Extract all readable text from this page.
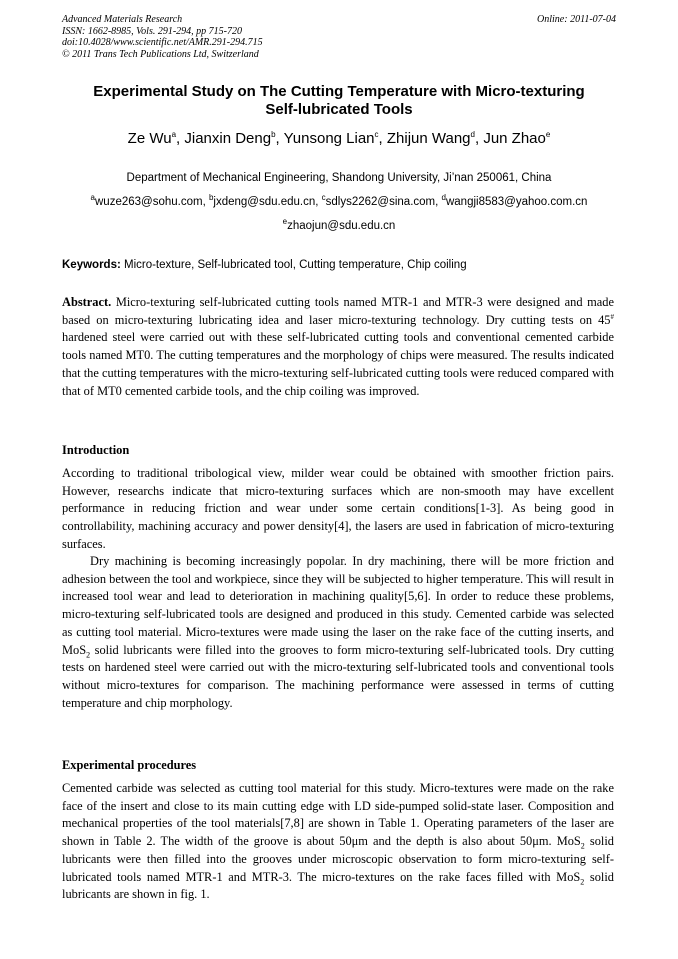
Advanced Materials Research
ISSN: 1662-8985, Vols. 291-294, pp 715-720
doi:10.4028/www.scientific.net/AMR.291-294.715
© 2011 Trans Tech Publications Ltd, Switzerland
Online: 2011-07-04
Experimental Study on The Cutting Temperature with Micro-texturing
Self-lubricated Tools
Ze Wu$^a$, Jianxin Deng$^b$, Yunsong Lian$^c$, Zhijun Wang$^d$, Jun Zhao$^e$
Department of Mechanical Engineering, Shandong University, Ji’nan 250061, China
$^a$wuze263@sohu.com, $^b$jxdeng@sdu.edu.cn, $^c$sdlys2262@sina.com, $^d$wangji8583@yahoo.com.cn
$^e$zhaojun@sdu.edu.cn
Keywords: Micro-texture, Self-lubricated tool, Cutting temperature, Chip coiling
Abstract. Micro-texturing self-lubricated cutting tools named MTR-1 and MTR-3 were designed and made based on micro-texturing lubricating idea and laser micro-texturing technology. Dry cutting tests on 45# hardened steel were carried out with these self-lubricated cutting tools and conventional cemented carbide tools named MT0. The cutting temperatures and the morphology of chips were measured. The results indicated that the cutting temperatures with the micro-texturing self-lubricated cutting tools were reduced compared with that of MT0 cemented carbide tools, and the chip coiling was improved.
Introduction
According to traditional tribological view, milder wear could be obtained with smoother friction pairs. However, researchs indicate that micro-texturing surfaces which are non-smooth may have excellent performance in reducing friction and wear under some certain conditions[1-3]. As being good in controllability, machining accuracy and power density[4], the lasers are used in fabrication of micro-texturing surfaces.
Dry machining is becoming increasingly popolar. In dry machining, there will be more friction and adhesion between the tool and workpiece, since they will be subjected to higher temperature. This will result in increased tool wear and lead to deterioration in machining quality[5,6]. In order to reduce these problems, micro-texturing self-lubricated tools are designed and produced in this study. Cemented carbide was selected as cutting tool material. Micro-textures were made using the laser on the rake face of the cutting inserts, and MoS$_2$ solid lubricants were filled into the grooves to form micro-texturing self-lubricated tools. Dry cutting tests on hardened steel were carried out with the micro-texturing self-lubricated tools and conventional tools without micro-textures for comparison. The machining performance were assessed in terms of cutting temperature and chip morphology.
Experimental procedures
Cemented carbide was selected as cutting tool material for this study. Micro-textures were made on the rake face of the insert and close to its main cutting edge with LD side-pumped solid-state laser. Composition and mechanical properties of the tool materials[7,8] are shown in Table 1. Operating parameters of the laser are shown in Table 2. The width of the groove is about 50μm and the depth is also about 50μm. MoS$_2$ solid lubricants were then filled into the grooves under microscopic observation to form micro-texturing self-lubricated tools named MTR-1 and MTR-3. The micro-textures on the rake faces filled with MoS$_2$ solid lubricants are shown in fig. 1.
